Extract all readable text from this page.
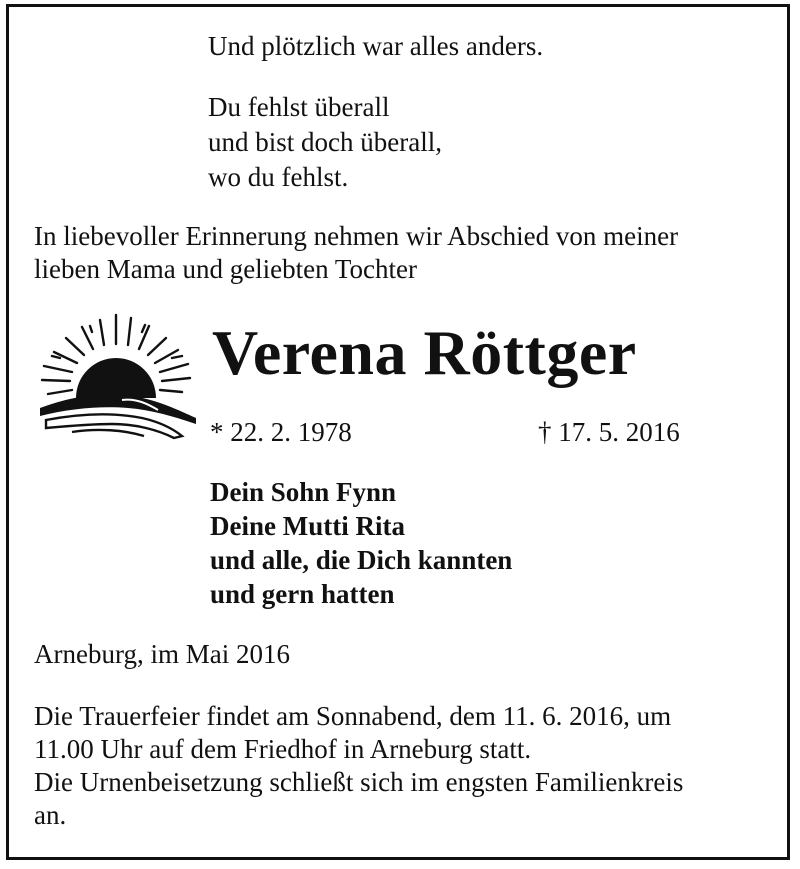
Und plötzlich war alles anders.

Du fehlst überall

und bist doch überall,

wo du fehlst.

In liebevoller Erinnerung nehmen wir Abschied von meiner

lieben Mama und geliebten Tochter

Verena Röttger

* 22. 2. 1978	† 17. 5. 2016

Dein Sohn Fynn

Deine Mutti Rita

und alle, die Dich kannten

und gern hatten

Arneburg, im Mai 2016

Die Trauerfeier findet am Sonnabend, dem 11. 6. 2016, um

11.00 Uhr auf dem Friedhof in Arneburg statt.

Die Urnenbeisetzung schließt sich im engsten Familienkreis

an.
